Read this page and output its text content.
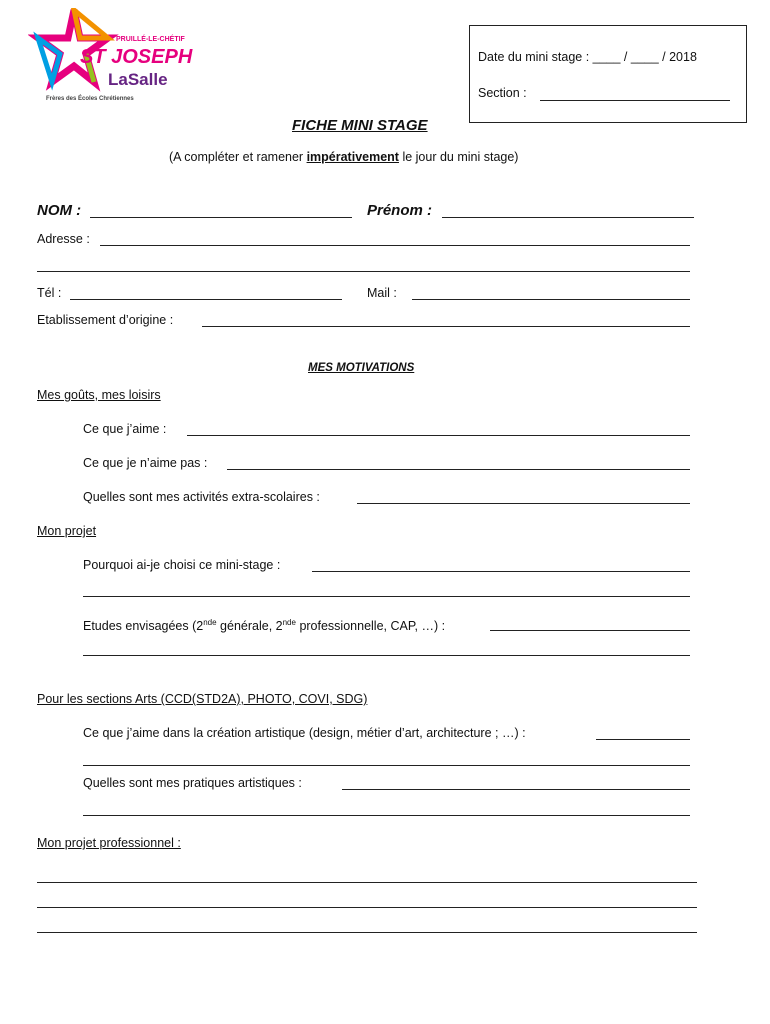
PRUILLÉ-LE-CHÉTIF
ST JOSEPH
LaSalle
Frères des Écoles Chrétiennes
Date du mini stage : ____ / ____ / 2018
Section :
FICHE MINI STAGE
(A compléter et ramener impérativement le jour du mini stage)
NOM :	Prénom :
Adresse :
Tél :	Mail :
Etablissement d’origine :
MES MOTIVATIONS
Mes goûts, mes loisirs
Ce que j’aime :
Ce que je n’aime pas :
Quelles sont mes activités extra-scolaires :
Mon projet
Pourquoi ai-je choisi ce mini-stage :
Etudes envisagées (2nde générale, 2nde professionnelle, CAP, …) :
Pour les sections Arts (CCD(STD2A), PHOTO, COVI, SDG)
Ce que j’aime dans la création artistique (design, métier d’art, architecture ; …) :
Quelles sont mes pratiques artistiques :
Mon projet professionnel :
